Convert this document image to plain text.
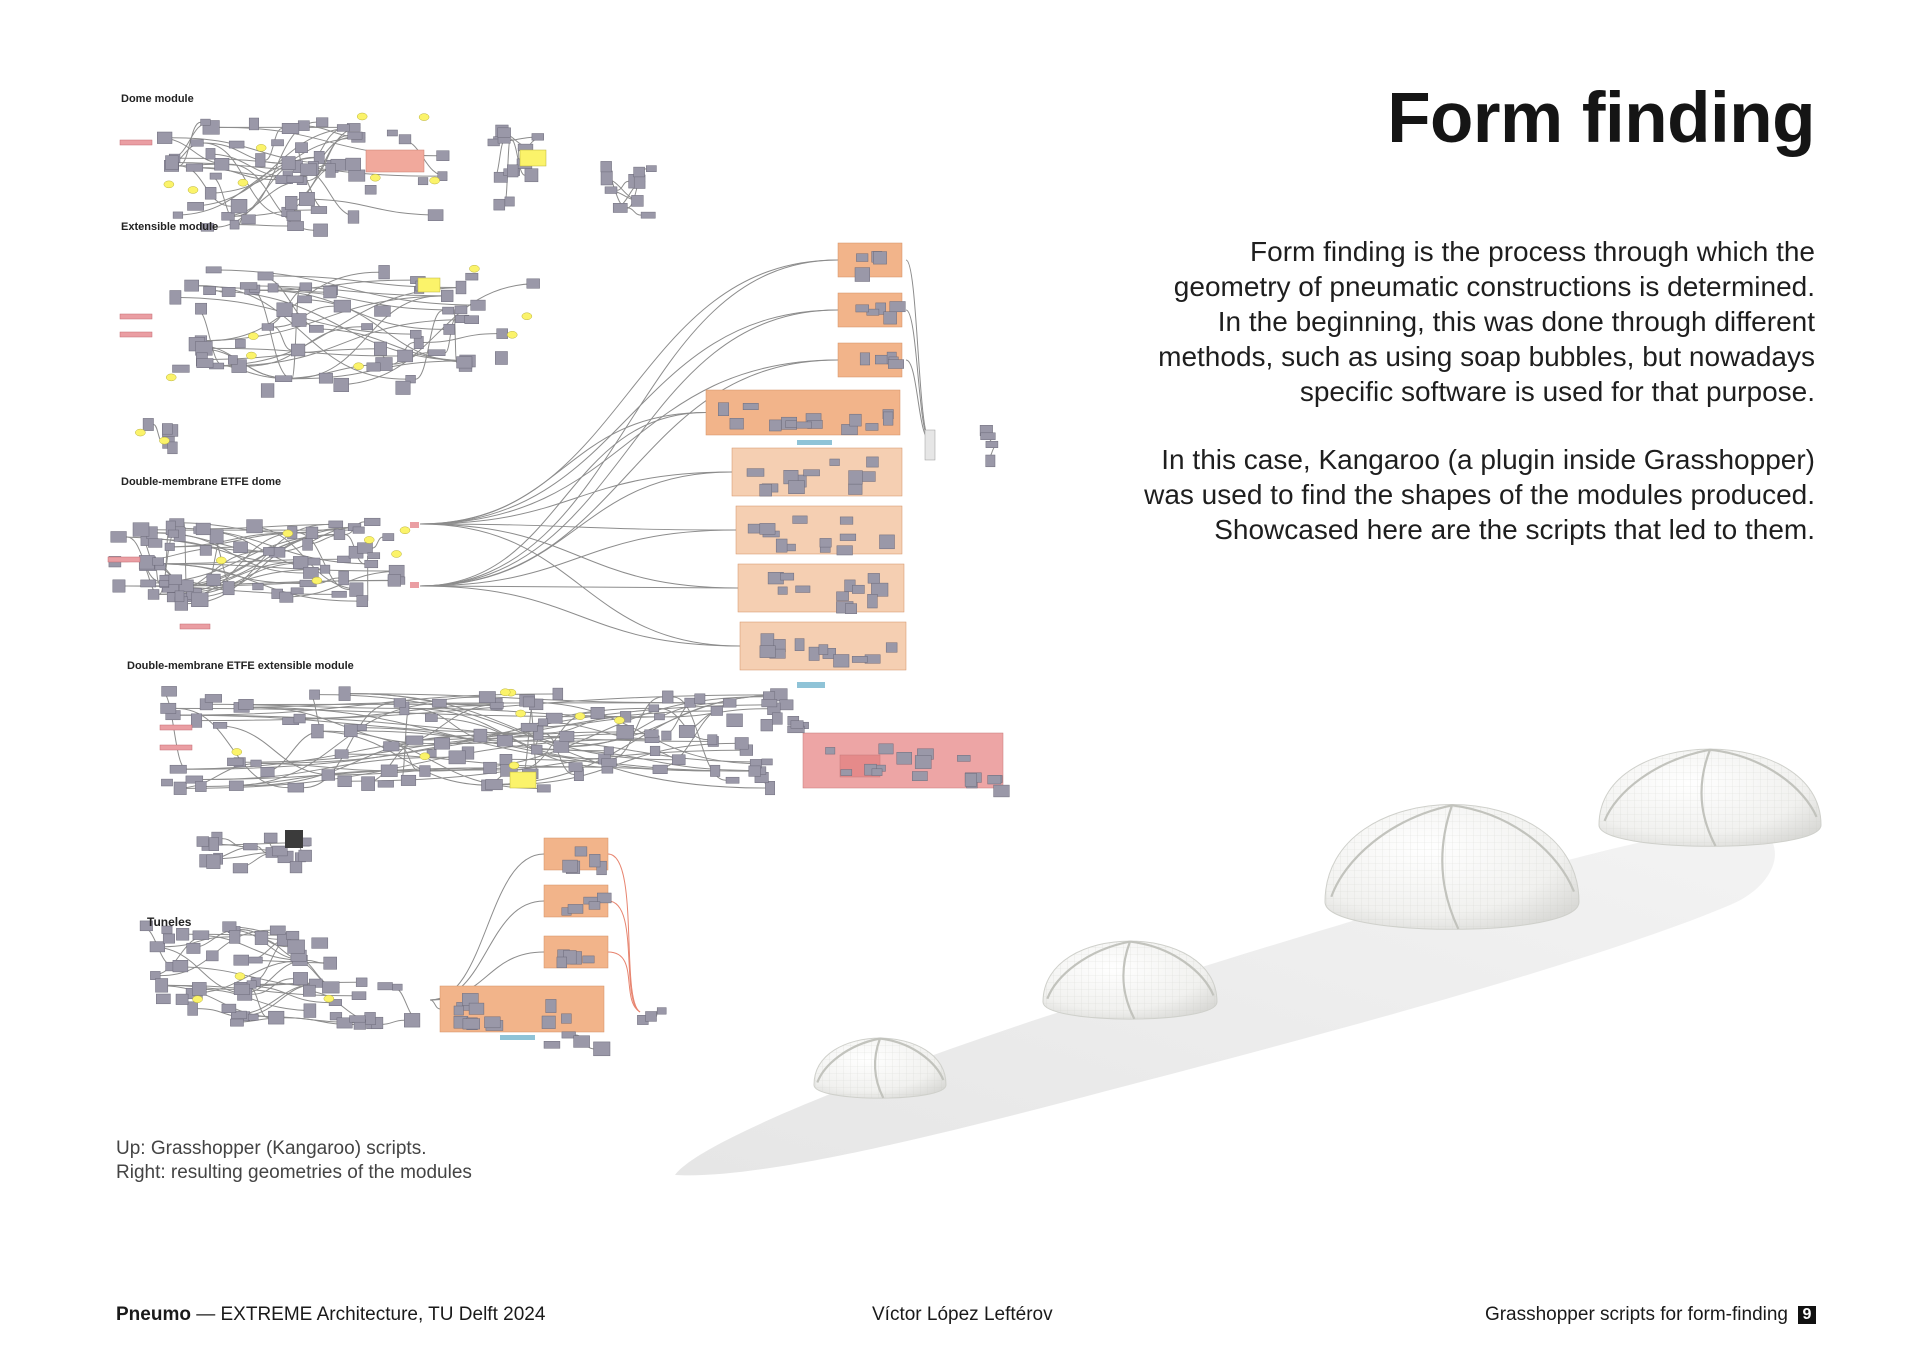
Form finding
Form finding is the process through which the
geometry of pneumatic constructions is determined.
In the beginning, this was done through different
methods, such as using soap bubbles, but nowadays
specific software is used for that purpose.
In this case, Kangaroo (a plugin inside Grasshopper)
was used to find the shapes of the modules produced.
Showcased here are the scripts that led to them.
Dome module
Extensible module
Double-membrane ETFE dome
Double-membrane ETFE extensible module
Tuneles
Up: Grasshopper (Kangaroo) scripts.
Right: resulting geometries of the modules
Pneumo — EXTREME Architecture, TU Delft 2024	Víctor López Leftérov	Grasshopper scripts for form-finding 9
